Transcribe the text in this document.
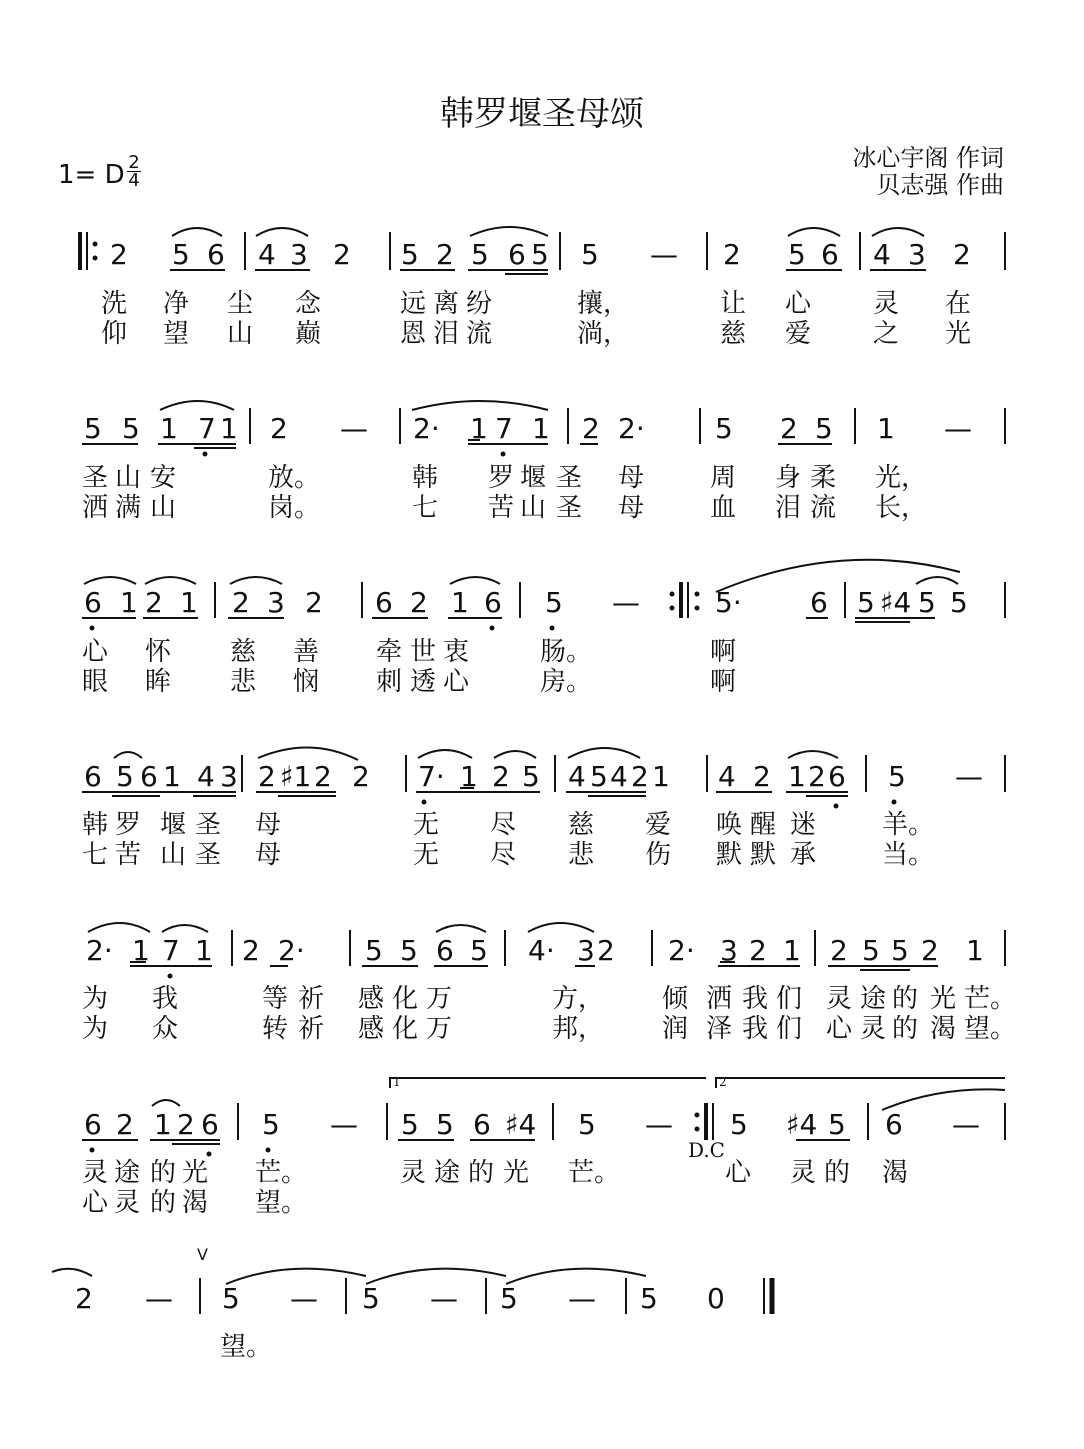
韩罗堰圣母颂
冰心宇阁 作词
贝志强 作曲
1= D 2
4
2 5 6 4 3 2 5 2 5 6 5 5 — 2 5 6 4 3 2
洗 净 尘 念	远 离 纷	攘，	让 心 灵 在
仰 望 山 巅	恩 泪 流	淌，	慈 爱 之 光
5 5 1 7 1 2 — 2· 1 7 1 2 2·	5 2 5 1 —
圣 山 安	放。	韩 罗 堰 圣 母	周 身 柔 光，
洒 满 山	岗。	七 苦 山 圣 母	血 泪 流 长，
6 1 2 1 2 3 2 6 2 1 6 5 —	5· 6 5 ♯4 5 5
心 怀 慈 善 牵 世 衷	肠。	啊
眼 眸 悲 悯 刺 透 心	房。	啊
6 5 6 1 4 3 2 ♯1 2 2 7· 1 2 5 4 5 4 2 1 4 2 1 2 6 5 —
韩 罗 堰 圣 母	无 尽 慈 爱 唤 醒 迷	羊。
七 苦 山 圣 母	无 尽 悲 伤 默 默 承	当。
2· 1 7 1 2 2· 5 5 6 5 4· 3 2 2· 3 2 1 2 5 5 2 1
为 我	等 祈 感 化 万	方， 倾 洒 我 们 灵 途 的 光 芒。
为 众	转 祈 感 化 万	邦， 润 泽 我 们 心 灵 的 渴 望。
6 2 1 2 6 5 — 5 5 6 ♯4 5 — 5 ♯4 5 6 —
灵 途 的 光 芒。	灵 途 的 光 芒。	心 灵 的 渴
心 灵 的 渴 望。
2 — 5 — 5 — 5 — 5 0
望。
D.C
1	2
V
